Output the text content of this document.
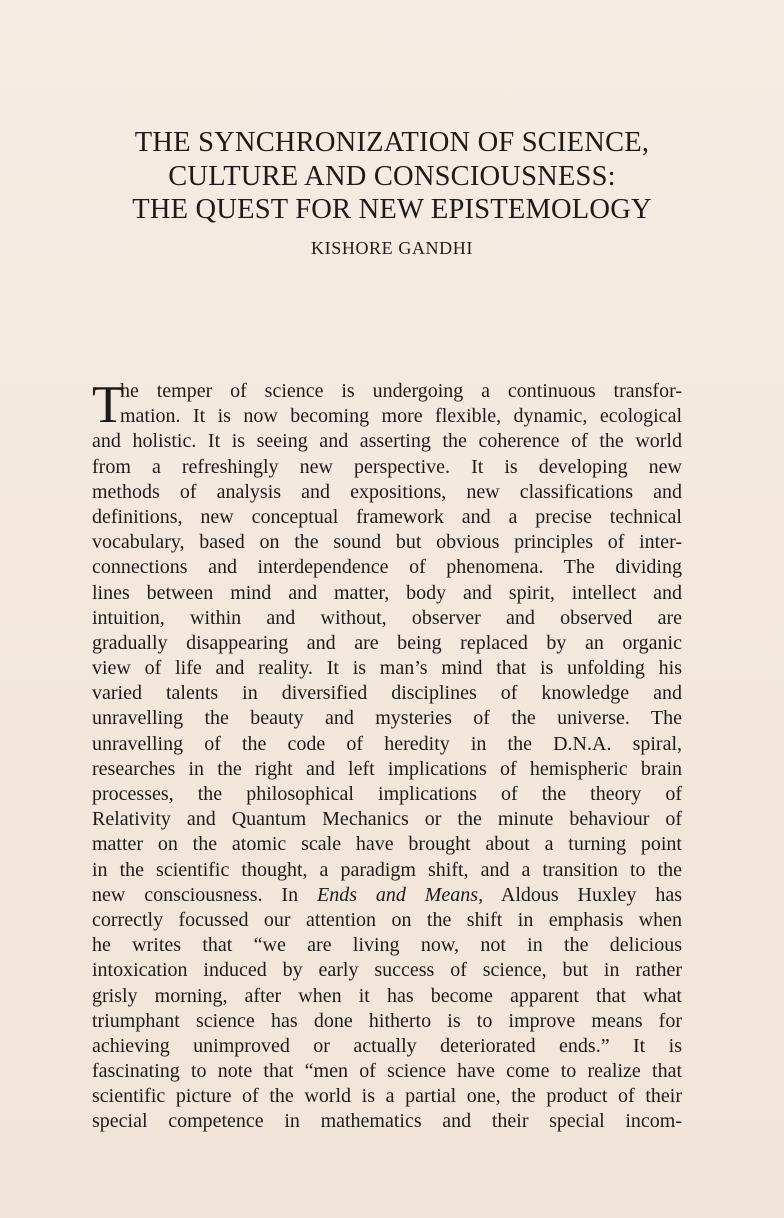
THE SYNCHRONIZATION OF SCIENCE,
CULTURE AND CONSCIOUSNESS:
THE QUEST FOR NEW EPISTEMOLOGY
KISHORE GANDHI
T
he temper of science is undergoing a continuous transfor-
mation. It is now becoming more flexible, dynamic, ecological
and holistic. It is seeing and asserting the coherence of the world
from a refreshingly new perspective. It is developing new
methods of analysis and expositions, new classifications and
definitions, new conceptual framework and a precise technical
vocabulary, based on the sound but obvious principles of inter-
connections and interdependence of phenomena. The dividing
lines between mind and matter, body and spirit, intellect and
intuition, within and without, observer and observed are
gradually disappearing and are being replaced by an organic
view of life and reality. It is man’s mind that is unfolding his
varied talents in diversified disciplines of knowledge and
unravelling the beauty and mysteries of the universe. The
unravelling of the code of heredity in the D.N.A. spiral,
researches in the right and left implications of hemispheric brain
processes, the philosophical implications of the theory of
Relativity and Quantum Mechanics or the minute behaviour of
matter on the atomic scale have brought about a turning point
in the scientific thought, a paradigm shift, and a transition to the
new consciousness. In Ends and Means, Aldous Huxley has
correctly focussed our attention on the shift in emphasis when
he writes that “we are living now, not in the delicious
intoxication induced by early success of science, but in rather
grisly morning, after when it has become apparent that what
triumphant science has done hitherto is to improve means for
achieving unimproved or actually deteriorated ends.” It is
fascinating to note that “men of science have come to realize that
scientific picture of the world is a partial one, the product of their
special competence in mathematics and their special incom-
